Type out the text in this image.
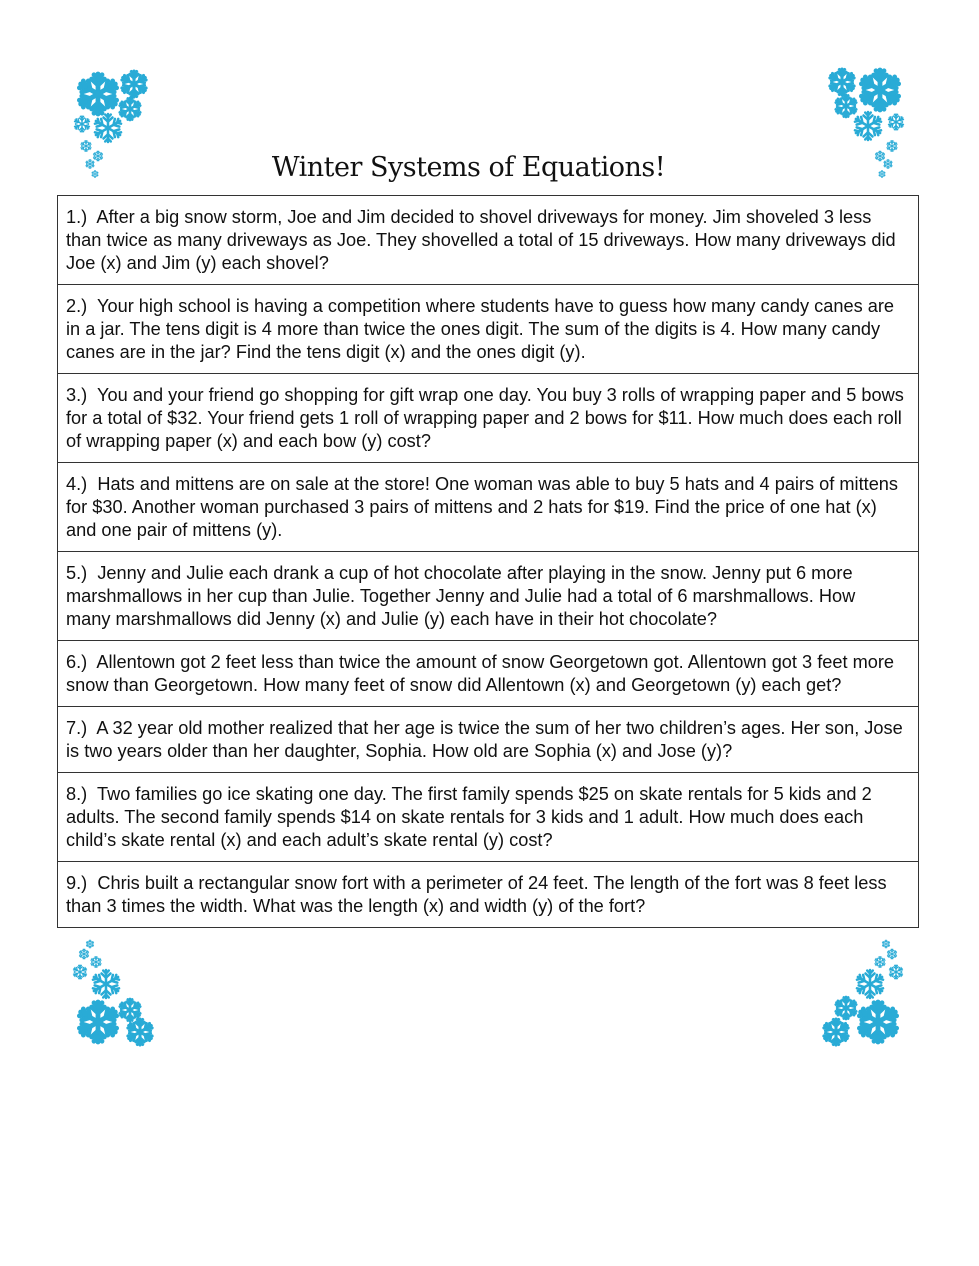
Winter Systems of Equations!
1.)  After a big snow storm, Joe and Jim decided to shovel driveways for money. Jim shoveled 3 less than twice as many driveways as Joe. They shovelled a total of 15 driveways. How many driveways did Joe (x) and Jim (y) each shovel?
2.)  Your high school is having a competition where students have to guess how many candy canes are in a jar. The tens digit is 4 more than twice the ones digit. The sum of the digits is 4. How many candy canes are in the jar? Find the tens digit (x) and the ones digit (y).
3.)  You and your friend go shopping for gift wrap one day. You buy 3 rolls of wrapping paper and 5 bows for a total of $32. Your friend gets 1 roll of wrapping paper and 2 bows for $11. How much does each roll of wrapping paper (x) and each bow (y) cost?
4.)  Hats and mittens are on sale at the store! One woman was able to buy 5 hats and 4 pairs of mittens for $30. Another woman purchased 3 pairs of mittens and 2 hats for $19. Find the price of one hat (x) and one pair of mittens (y).
5.)  Jenny and Julie each drank a cup of hot chocolate after playing in the snow. Jenny put 6 more marshmallows in her cup than Julie. Together Jenny and Julie had a total of 6 marshmallows. How many marshmallows did Jenny (x) and Julie (y) each have in their hot chocolate?
6.)  Allentown got 2 feet less than twice the amount of snow Georgetown got. Allentown got 3 feet more snow than Georgetown. How many feet of snow did Allentown (x) and Georgetown (y) each get?
7.)  A 32 year old mother realized that her age is twice the sum of her two children’s ages. Her son, Jose is two years older than her daughter, Sophia. How old are Sophia (x) and Jose (y)?
8.)  Two families go ice skating one day. The first family spends $25 on skate rentals for 5 kids and 2 adults. The second family spends $14 on skate rentals for 3 kids and 1 adult. How much does each child’s skate rental (x) and each adult’s skate rental (y) cost?
9.)  Chris built a rectangular snow fort with a perimeter of 24 feet. The length of the fort was 8 feet less than 3 times the width. What was the length (x) and width (y) of the fort?
